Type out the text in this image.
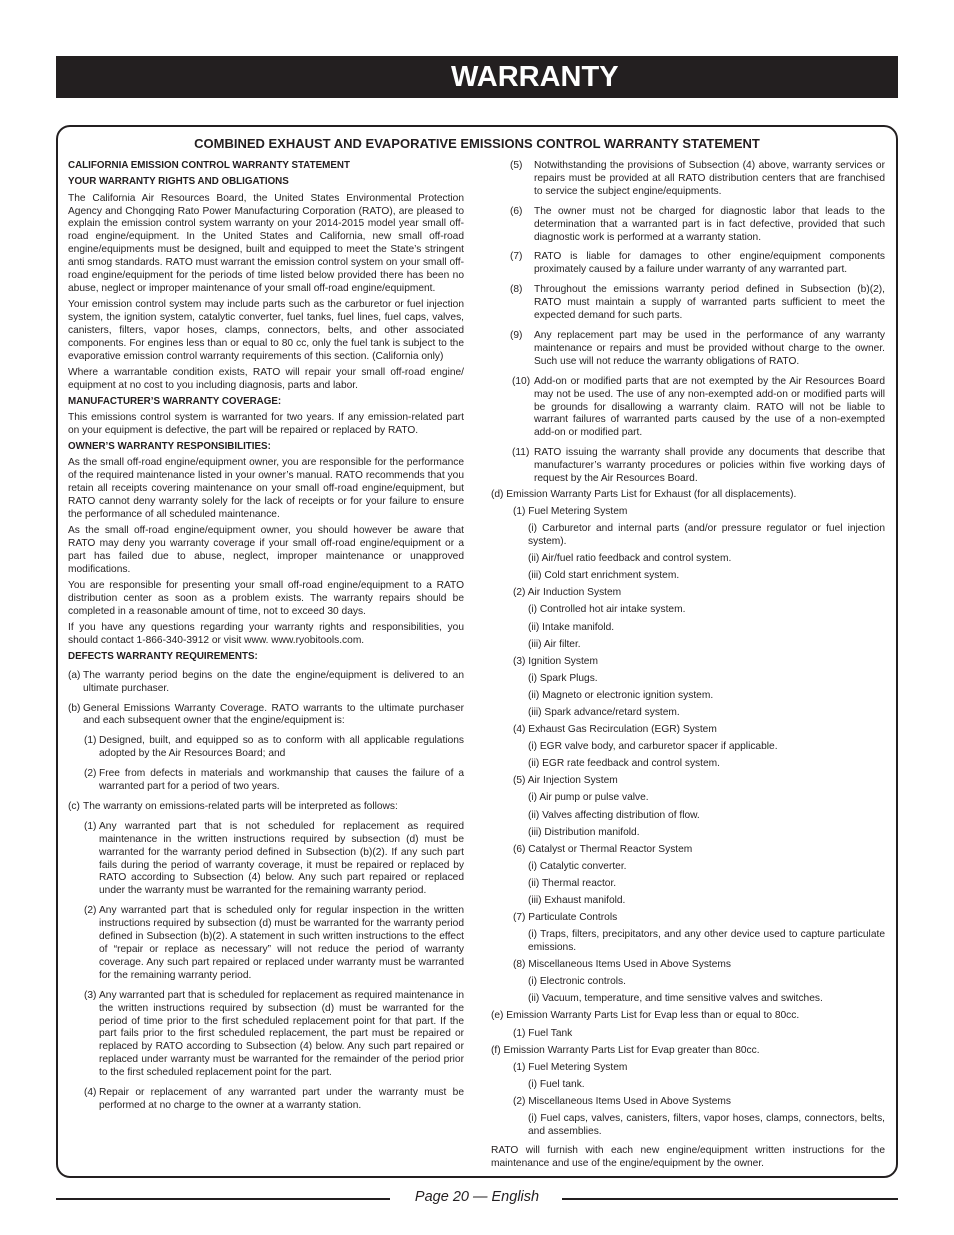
WARRANTY
COMBINED EXHAUST AND EVAPORATIVE EMISSIONS CONTROL WARRANTY STATEMENT
CALIFORNIA EMISSION CONTROL WARRANTY STATEMENT
YOUR WARRANTY RIGHTS AND OBLIGATIONS

The California Air Resources Board, the United States Environmental Protection Agency and Chongqing Rato Power Manufacturing Corporation (RATO), are pleased to explain the emission control system warranty on your 2014-2015 model year small off-road engine/equipment. In the United States and California, new small off-road engine/equipments must be designed, built and equipped to meet the State’s stringent anti smog standards. RATO must warrant the emission control system on your small off-road engine/equipment for the periods of time listed below provided there has been no abuse, neglect or improper maintenance of your small off-road engine/equipment.

Your emission control system may include parts such as the carburetor or fuel injection system, the ignition system, catalytic converter, fuel tanks, fuel lines, fuel caps, valves, canisters, filters, vapor hoses, clamps, connectors, belts, and other associated components. For engines less than or equal to 80 cc, only the fuel tank is subject to the evaporative emission control warranty requirements of this section. (California only)

Where a warrantable condition exists, RATO will repair your small off-road engine/ equipment at no cost to you including diagnosis, parts and labor.

MANUFACTURER’S WARRANTY COVERAGE:

This emissions control system is warranted for two years. If any emission-related part on your equipment is defective, the part will be repaired or replaced by RATO.

OWNER’S WARRANTY RESPONSIBILITIES:

As the small off-road engine/equipment owner, you are responsible for the performance of the required maintenance listed in your owner’s manual. RATO recommends that you retain all receipts covering maintenance on your small off-road engine/equipment, but RATO cannot deny warranty solely for the lack of receipts or for your failure to ensure the performance of all scheduled maintenance.

As the small off-road engine/equipment owner, you should however be aware that RATO may deny you warranty coverage if your small off-road engine/equipment or a part has failed due to abuse, neglect, improper maintenance or unapproved modifications.

You are responsible for presenting your small off-road engine/equipment to a RATO distribution center as soon as a problem exists. The warranty repairs should be completed in a reasonable amount of time, not to exceed 30 days.

If you have any questions regarding your warranty rights and responsibilities, you should contact 1-866-340-3912 or visit www. www.ryobitools.com.

DEFECTS WARRANTY REQUIREMENTS:
(a) The warranty period begins on the date the engine/equipment is delivered to an ultimate purchaser.
(b) General Emissions Warranty Coverage. RATO warrants to the ultimate purchaser and each subsequent owner that the engine/equipment is:
(1) Designed, built, and equipped so as to conform with all applicable regulations adopted by the Air Resources Board; and
(2) Free from defects in materials and workmanship that causes the failure of a warranted part for a period of two years.
(c) The warranty on emissions-related parts will be interpreted as follows:
(1) Any warranted part that is not scheduled for replacement as required maintenance in the written instructions required by subsection (d) must be warranted for the warranty period defined in Subsection (b)(2). If any such part fails during the period of warranty coverage, it must be repaired or replaced by RATO according to Subsection (4) below. Any such part repaired or replaced under the warranty must be warranted for the remaining warranty period.
(2) Any warranted part that is scheduled only for regular inspection in the written instructions required by subsection (d) must be warranted for the warranty period defined in Subsection (b)(2). A statement in such written instructions to the effect of “repair or replace as necessary” will not reduce the period of warranty coverage. Any such part repaired or replaced under warranty must be warranted for the remaining warranty period.
(3) Any warranted part that is scheduled for replacement as required maintenance in the written instructions required by subsection (d) must be warranted for the period of time prior to the first scheduled replacement point for that part. If the part fails prior to the first scheduled replacement, the part must be repaired or replaced by RATO according to Subsection (4) below. Any such part repaired or replaced under warranty must be warranted for the remainder of the period prior to the first scheduled replacement point for the part.
(4) Repair or replacement of any warranted part under the warranty must be performed at no charge to the owner at a warranty station.
(5) Notwithstanding the provisions of Subsection (4) above, warranty services or repairs must be provided at all RATO distribution centers that are franchised to service the subject engine/equipments.
(6) The owner must not be charged for diagnostic labor that leads to the determination that a warranted part is in fact defective, provided that such diagnostic work is performed at a warranty station.
(7) RATO is liable for damages to other engine/equipment components proximately caused by a failure under warranty of any warranted part.
(8) Throughout the emissions warranty period defined in Subsection (b)(2), RATO must maintain a supply of warranted parts sufficient to meet the expected demand for such parts.
(9) Any replacement part may be used in the performance of any warranty maintenance or repairs and must be provided without charge to the owner. Such use will not reduce the warranty obligations of RATO.
(10) Add-on or modified parts that are not exempted by the Air Resources Board may not be used. The use of any non-exempted add-on or modified parts will be grounds for disallowing a warranty claim. RATO will not be liable to warrant failures of warranted parts caused by the use of a non-exempted add-on or modified part.
(11) RATO issuing the warranty shall provide any documents that describe that manufacturer’s warranty procedures or policies within five working days of request by the Air Resources Board.
(d) Emission Warranty Parts List for Exhaust (for all displacements).
(1) Fuel Metering System
(i) Carburetor and internal parts (and/or pressure regulator or fuel injection system).
(ii) Air/fuel ratio feedback and control system.
(iii) Cold start enrichment system.
(2) Air Induction System
(i) Controlled hot air intake system.
(ii) Intake manifold.
(iii) Air filter.
(3) Ignition System
(i) Spark Plugs.
(ii) Magneto or electronic ignition system.
(iii) Spark advance/retard system.
(4) Exhaust Gas Recirculation (EGR) System
(i) EGR valve body, and carburetor spacer if applicable.
(ii) EGR rate feedback and control system.
(5) Air Injection System
(i) Air pump or pulse valve.
(ii) Valves affecting distribution of flow.
(iii) Distribution manifold.
(6) Catalyst or Thermal Reactor System
(i) Catalytic converter.
(ii) Thermal reactor.
(iii) Exhaust manifold.
(7) Particulate Controls
(i) Traps, filters, precipitators, and any other device used to capture particulate emissions.
(8) Miscellaneous Items Used in Above Systems
(i) Electronic controls.
(ii) Vacuum, temperature, and time sensitive valves and switches.
(e) Emission Warranty Parts List for Evap less than or equal to 80cc.
(1) Fuel Tank
(f) Emission Warranty Parts List for Evap greater than 80cc.
(1) Fuel Metering System
(i) Fuel tank.
(2) Miscellaneous Items Used in Above Systems
(i) Fuel caps, valves, canisters, filters, vapor hoses, clamps, connectors, belts, and assemblies.

RATO will furnish with each new engine/equipment written instructions for the maintenance and use of the engine/equipment by the owner.

Page 20 — English
